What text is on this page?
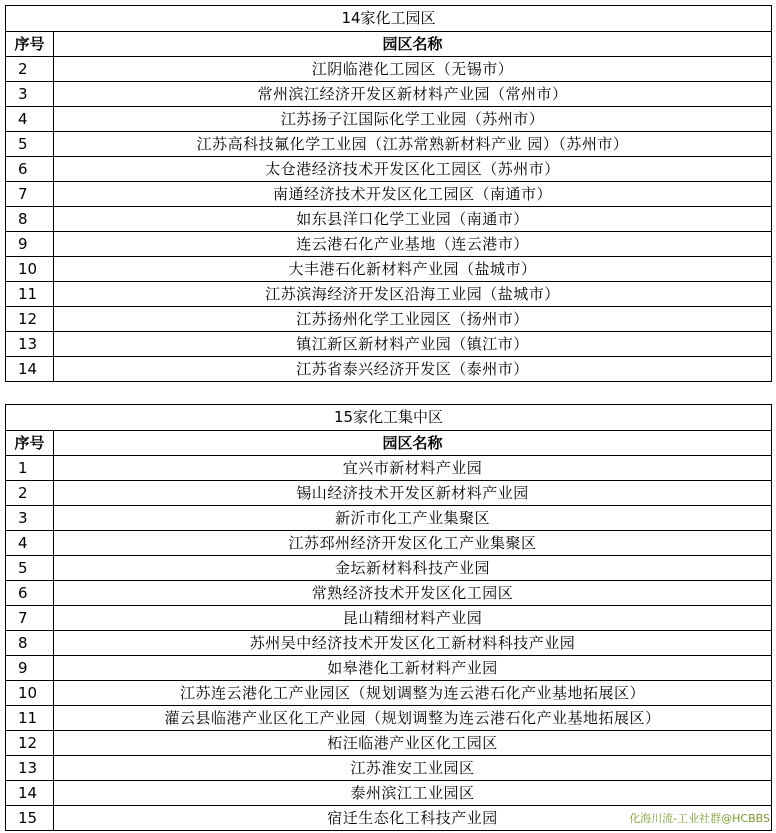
14家化工园区	
序号	园区名称
2	江阴临港化工园区（无锡市）
3	常州滨江经济开发区新材料产业园（常州市）
4	江苏扬子江国际化学工业园（苏州市）
5	江苏高科技氟化学工业园（江苏常熟新材料产业 园）（苏州市）
6	太仓港经济技术开发区化工园区（苏州市）
7	南通经济技术开发区化工园区（南通市）
8	如东县洋口化学工业园（南通市）
9	连云港石化产业基地（连云港市）
10	大丰港石化新材料产业园（盐城市）
11	江苏滨海经济开发区沿海工业园（盐城市）
12	江苏扬州化学工业园区（扬州市）
13	镇江新区新材料产业园（镇江市）
14	江苏省泰兴经济开发区（泰州市）
15家化工集中区	
序号	园区名称
1	宜兴市新材料产业园
2	锡山经济技术开发区新材料产业园
3	新沂市化工产业集聚区
4	江苏邳州经济开发区化工产业集聚区
5	金坛新材料科技产业园
6	常熟经济技术开发区化工园区
7	昆山精细材料产业园
8	苏州吴中经济技术开发区化工新材料科技产业园
9	如皋港化工新材料产业园
10	江苏连云港化工产业园区（规划调整为连云港石化产业基地拓展区）
11	灌云县临港产业区化工产业园（规划调整为连云港石化产业基地拓展区）
12	柘汪临港产业区化工园区
13	江苏淮安工业园区
14	泰州滨江工业园区
15	宿迁生态化工科技产业园	化海川流-工业社群@HCBBS
